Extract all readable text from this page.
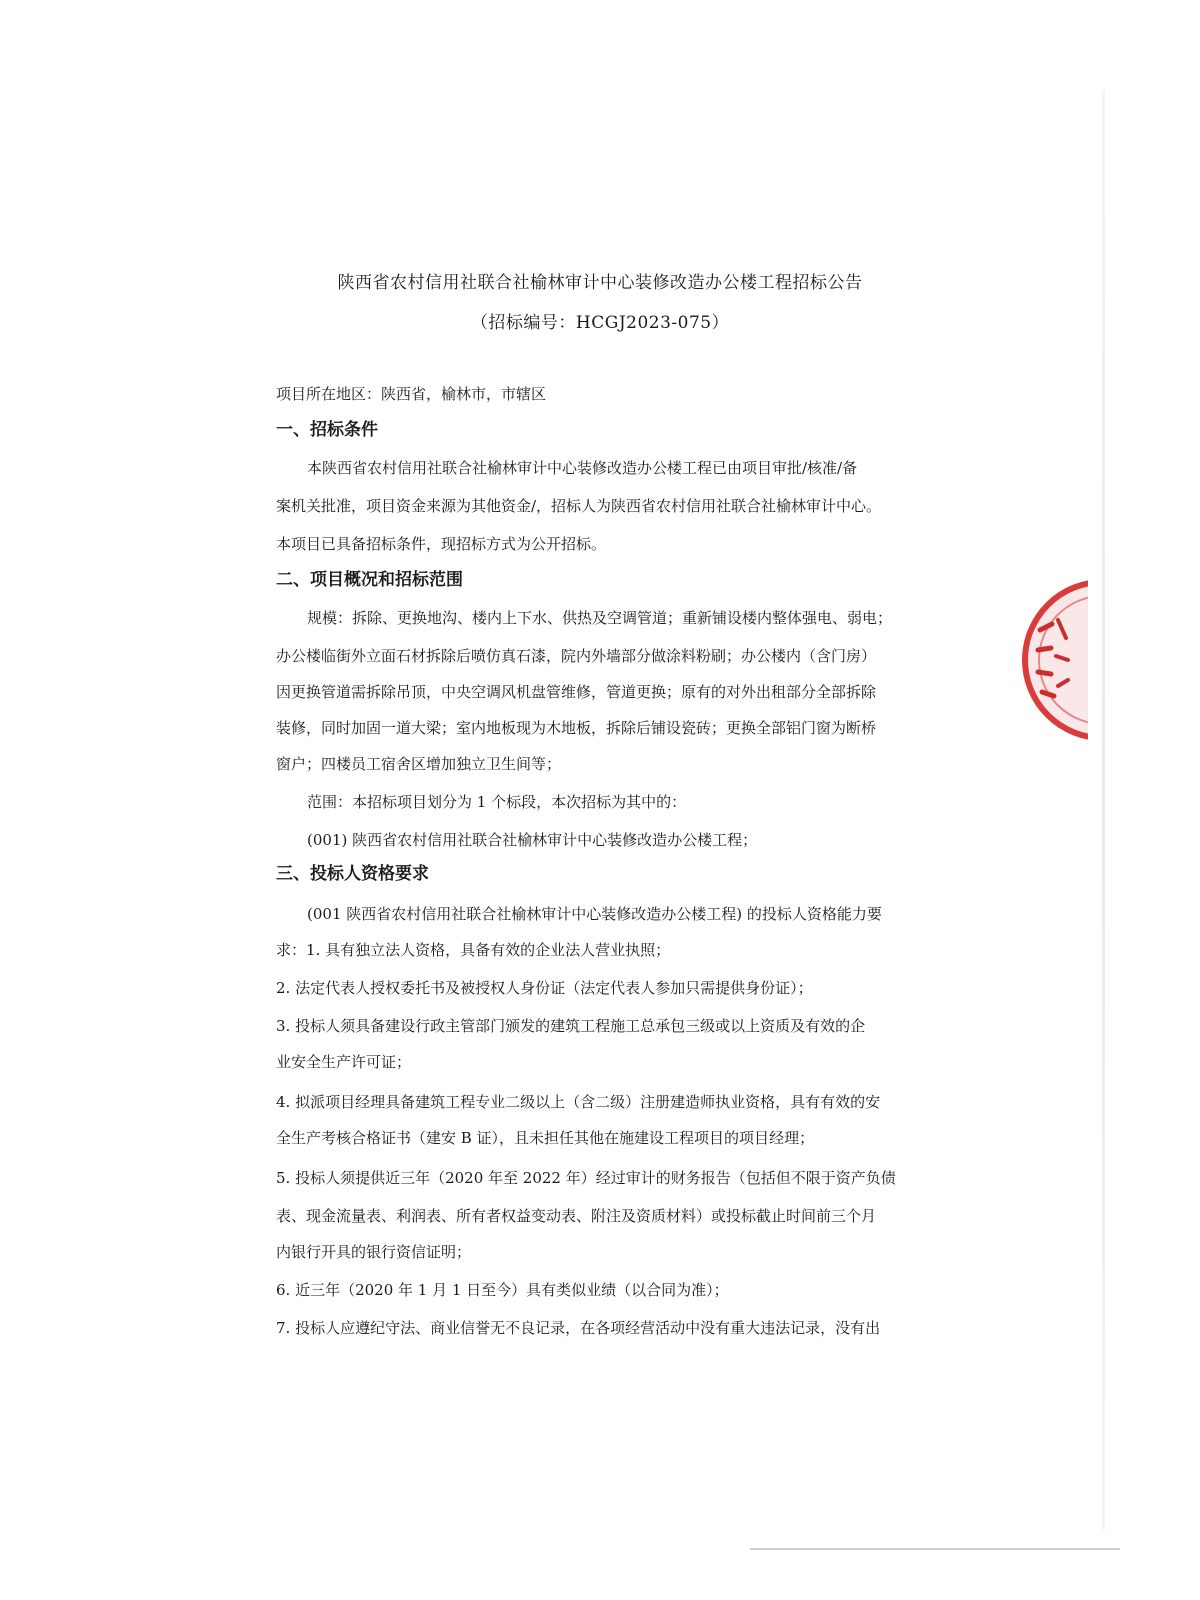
陕西省农村信用社联合社榆林审计中心装修改造办公楼工程招标公告
（招标编号：HCGJ2023-075）
项目所在地区：陕西省，榆林市，市辖区
一、招标条件
本陕西省农村信用社联合社榆林审计中心装修改造办公楼工程已由项目审批/核准/备
案机关批准，项目资金来源为其他资金/，招标人为陕西省农村信用社联合社榆林审计中心。
本项目已具备招标条件，现招标方式为公开招标。
二、项目概况和招标范围
规模：拆除、更换地沟、楼内上下水、供热及空调管道；重新铺设楼内整体强电、弱电；
办公楼临街外立面石材拆除后喷仿真石漆，院内外墙部分做涂料粉刷；办公楼内（含门房）
因更换管道需拆除吊顶，中央空调风机盘管维修，管道更换；原有的对外出租部分全部拆除
装修，同时加固一道大梁；室内地板现为木地板，拆除后铺设瓷砖；更换全部铝门窗为断桥
窗户；四楼员工宿舍区增加独立卫生间等；
范围：本招标项目划分为 1 个标段，本次招标为其中的：
(001) 陕西省农村信用社联合社榆林审计中心装修改造办公楼工程；
三、投标人资格要求
(001 陕西省农村信用社联合社榆林审计中心装修改造办公楼工程) 的投标人资格能力要
求：1. 具有独立法人资格，具备有效的企业法人营业执照；
2. 法定代表人授权委托书及被授权人身份证（法定代表人参加只需提供身份证）；
3. 投标人须具备建设行政主管部门颁发的建筑工程施工总承包三级或以上资质及有效的企
业安全生产许可证；
4. 拟派项目经理具备建筑工程专业二级以上（含二级）注册建造师执业资格，具有有效的安
全生产考核合格证书（建安 B 证），且未担任其他在施建设工程项目的项目经理；
5. 投标人须提供近三年（2020 年至 2022 年）经过审计的财务报告（包括但不限于资产负债
表、现金流量表、利润表、所有者权益变动表、附注及资质材料）或投标截止时间前三个月
内银行开具的银行资信证明；
6. 近三年（2020 年 1 月 1 日至今）具有类似业绩（以合同为准）；
7. 投标人应遵纪守法、商业信誉无不良记录，在各项经营活动中没有重大违法记录，没有出
